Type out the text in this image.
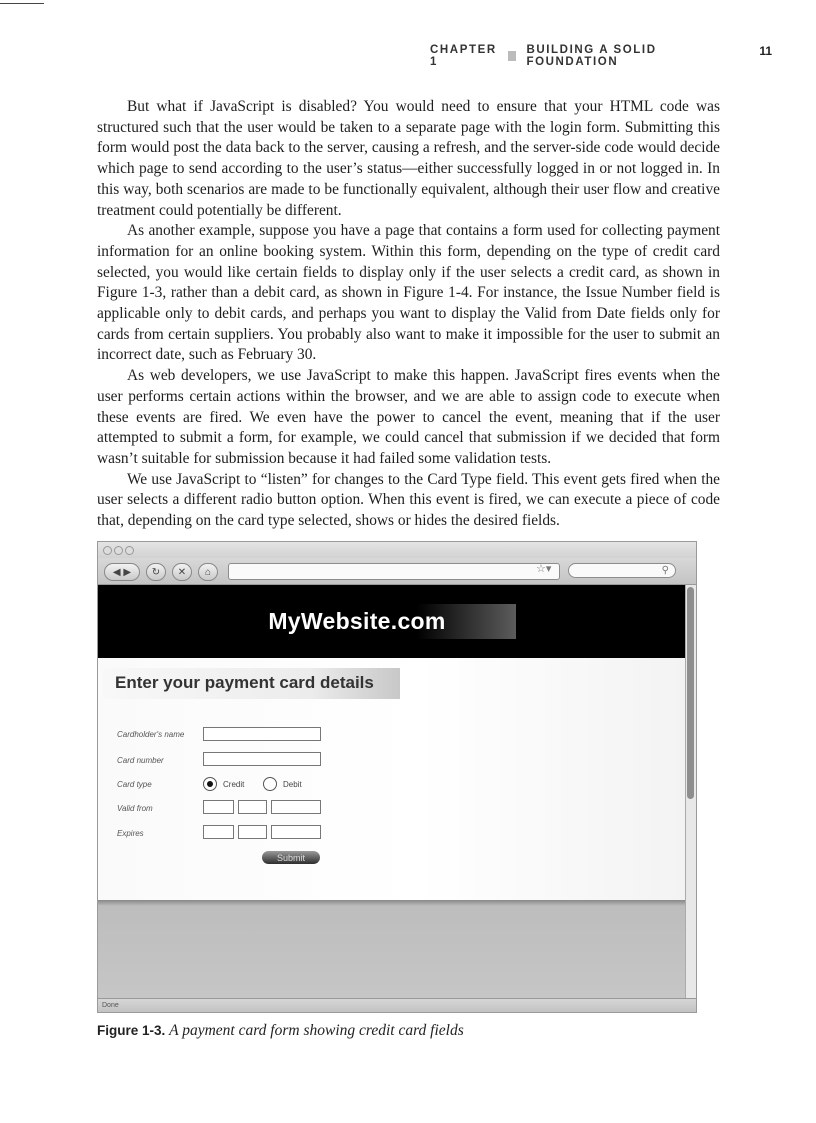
CHAPTER 1
BUILDING A SOLID FOUNDATION
11

But what if JavaScript is disabled? You would need to ensure that your HTML code was structured such that the user would be taken to a separate page with the login form. Submitting this form would post the data back to the server, causing a refresh, and the server-side code would decide which page to send according to the user’s status—either successfully logged in or not logged in. In this way, both scenarios are made to be functionally equivalent, although their user flow and creative treatment could potentially be different.

As another example, suppose you have a page that contains a form used for collecting payment information for an online booking system. Within this form, depending on the type of credit card selected, you would like certain fields to display only if the user selects a credit card, as shown in Figure 1-3, rather than a debit card, as shown in Figure 1-4. For instance, the Issue Number field is applicable only to debit cards, and perhaps you want to display the Valid from Date fields only for cards from certain suppliers. You probably also want to make it impossible for the user to submit an incorrect date, such as February 30.

As web developers, we use JavaScript to make this happen. JavaScript fires events when the user performs certain actions within the browser, and we are able to assign code to execute when these events are fired. We even have the power to cancel the event, meaning that if the user attempted to submit a form, for example, we could cancel that submission if we decided that form wasn’t suitable for submission because it had failed some validation tests.

We use JavaScript to “listen” for changes to the Card Type field. This event gets fired when the user selects a different radio button option. When this event is fired, we can execute a piece of code that, depending on the card type selected, shows or hides the desired fields.

◀ ▶ ↻ ✕ ⌂	☆▾	⚲
MyWebsite.com
Enter your payment card details
Cardholder's name
Card number
Card type	Credit	Debit
Valid from
Expires
Submit
Done
Figure 1-3. A payment card form showing credit card fields
